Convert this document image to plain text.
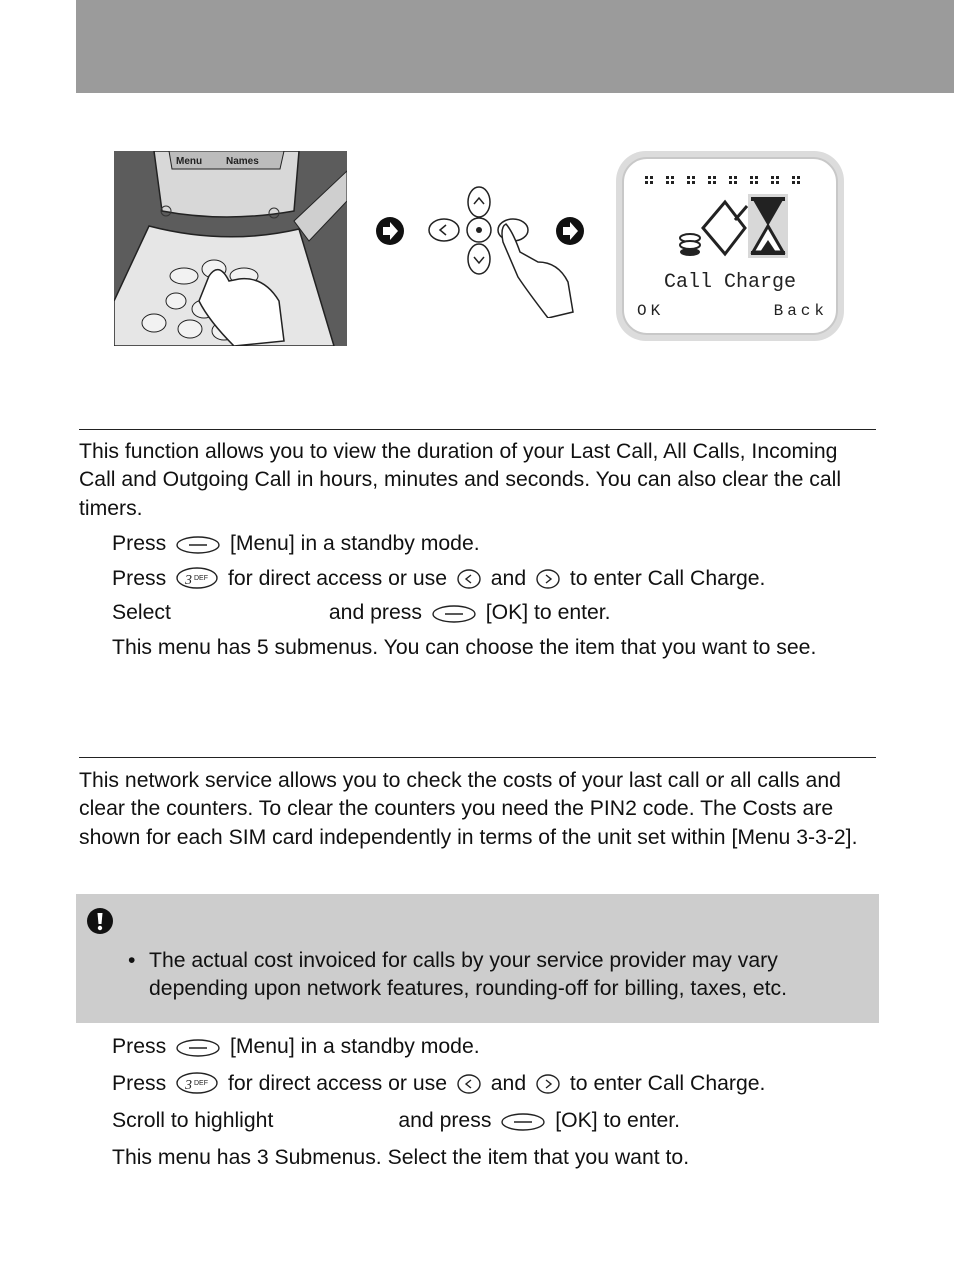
Menu Names
Call Charge
OK	Back

This function allows you to view the duration of your Last Call, All Calls, Incoming Call and Outgoing Call in hours, minutes and seconds. You can also clear the call timers.

Press	[Menu] in a standby mode.
Press 3 DEF for direct access or use and to enter Call Charge.
Select	and press	[OK] to enter.
This menu has 5 submenus. You can choose the item that you want to see.

This network service allows you to check the costs of your last call or all calls and clear the counters. To clear the counters you need the PIN2 code. The Costs are shown for each SIM card independently in terms of the unit set within [Menu 3-3-2].

• The actual cost invoiced for calls by your service provider may vary depending upon network features, rounding-off for billing, taxes, etc.
Press	[Menu] in a standby mode.
Press 3 DEF for direct access or use and to enter Call Charge.
Scroll to highlight	and press	[OK] to enter.
This menu has 3 Submenus. Select the item that you want to.
